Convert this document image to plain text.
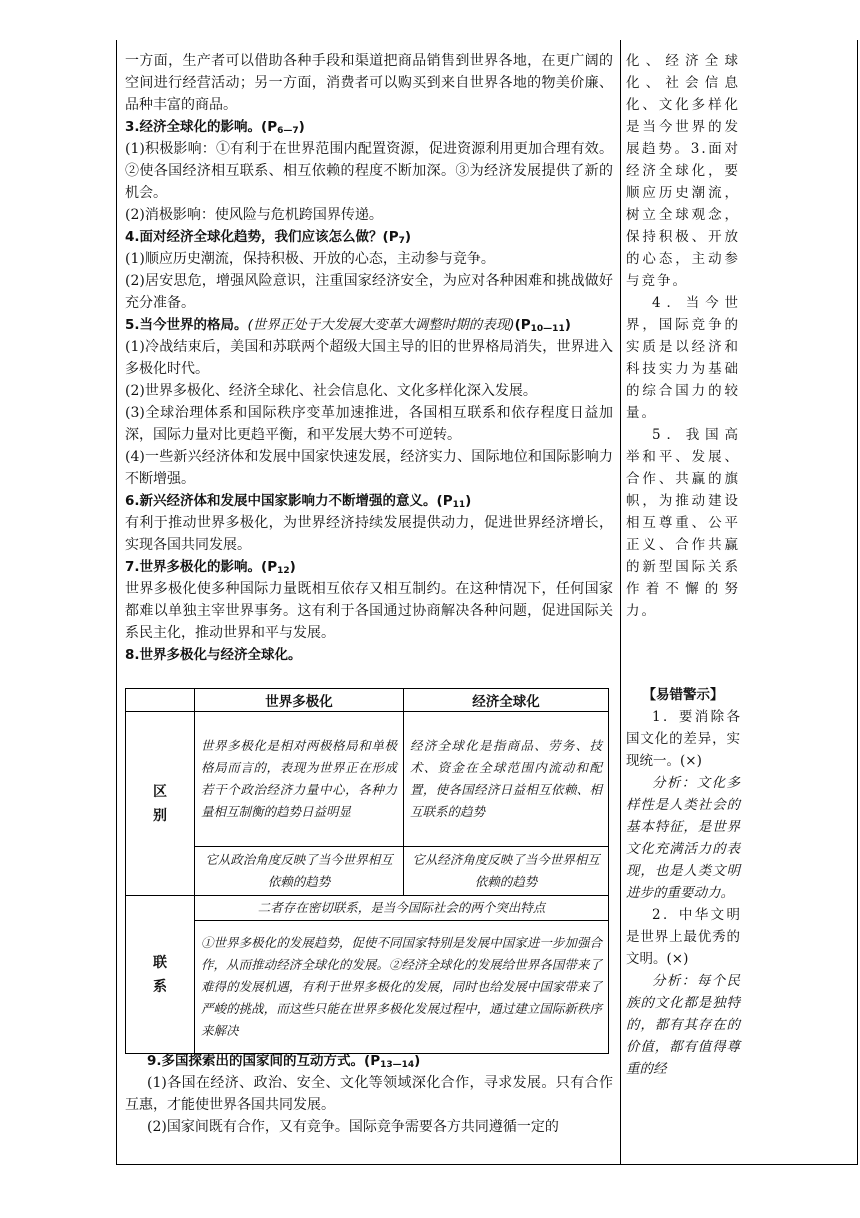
一方面，生产者可以借助各种手段和渠道把商品销售到世界各地，在更广阔的空间进行经营活动；另一方面，消费者可以购买到来自世界各地的物美价廉、品种丰富的商品。

3.经济全球化的影响。$(P_{6—7})$

(1)积极影响：①有利于在世界范围内配置资源，促进资源利用更加合理有效。②使各国经济相互联系、相互依赖的程度不断加深。③为经济发展提供了新的机会。

(2)消极影响：使风险与危机跨国界传递。

4.面对经济全球化趋势，我们应该怎么做？$(P_7)$

(1)顺应历史潮流，保持积极、开放的心态，主动参与竞争。

(2)居安思危，增强风险意识，注重国家经济安全，为应对各种困难和挑战做好充分准备。

5.当今世界的格局。(世界正处于大发展大变革大调整时期的表现)$(P_{10—11})$

(1)冷战结束后，美国和苏联两个超级大国主导的旧的世界格局消失，世界进入多极化时代。

(2)世界多极化、经济全球化、社会信息化、文化多样化深入发展。

(3)全球治理体系和国际秩序变革加速推进，各国相互联系和依存程度日益加深，国际力量对比更趋平衡，和平发展大势不可逆转。

(4)一些新兴经济体和发展中国家快速发展，经济实力、国际地位和国际影响力不断增强。

6.新兴经济体和发展中国家影响力不断增强的意义。$(P_{11})$

有利于推动世界多极化，为世界经济持续发展提供动力，促进世界经济增长，实现各国共同发展。

7.世界多极化的影响。$(P_{12})$

世界多极化使多种国际力量既相互依存又相互制约。在这种情况下，任何国家都难以单独主宰世界事务。这有利于各国通过协商解决各种问题，促进国际关系民主化，推动世界和平与发展。

8.世界多极化与经济全球化。

	世界多极化	经济全球化
区别	世界多极化是相对两极格局和单极格局而言的，表现为世界正在形成若干个政治经济力量中心，各种力量相互制衡的趋势日益明显	经济全球化是指商品、劳务、技术、资金在全球范围内流动和配置，使各国经济日益相互依赖、相互联系的趋势
	它从政治角度反映了当今世界相互依赖的趋势	它从经济角度反映了当今世界相互依赖的趋势
联系	二者存在密切联系，是当今国际社会的两个突出特点	
	①世界多极化的发展趋势，促使不同国家特别是发展中国家进一步加强合作，从而推动经济全球化的发展。②经济全球化的发展给世界各国带来了难得的发展机遇，有利于世界多极化的发展，同时也给发展中国家带来了严峻的挑战，而这些只能在世界多极化发展过程中，通过建立国际新秩序来解决	

9.多国探索出的国家间的互动方式。$(P_{13—14})$

(1)各国在经济、政治、安全、文化等领域深化合作，寻求发展。只有合作互惠，才能使世界各国共同发展。

(2)国家间既有合作，又有竞争。国际竞争需要各方共同遵循一定的

化、经济全球化、社会信息化、文化多样化是当今世界的发展趋势。3.面对经济全球化，要顺应历史潮流，树立全球观念，保持积极、开放的心态，主动参与竞争。

4．当今世界，国际竞争的实质是以经济和科技实力为基础的综合国力的较量。

5．我国高举和平、发展、合作、共赢的旗帜，为推动建设相互尊重、公平正义、合作共赢的新型国际关系作着不懈的努力。

【易错警示】

1．要消除各国文化的差异，实现统一。(×)

分析：文化多样性是人类社会的基本特征，是世界文化充满活力的表现，也是人类文明进步的重要动力。

2．中华文明是世界上最优秀的文明。(×)

分析：每个民族的文化都是独特的，都有其存在的价值，都有值得尊重的经
